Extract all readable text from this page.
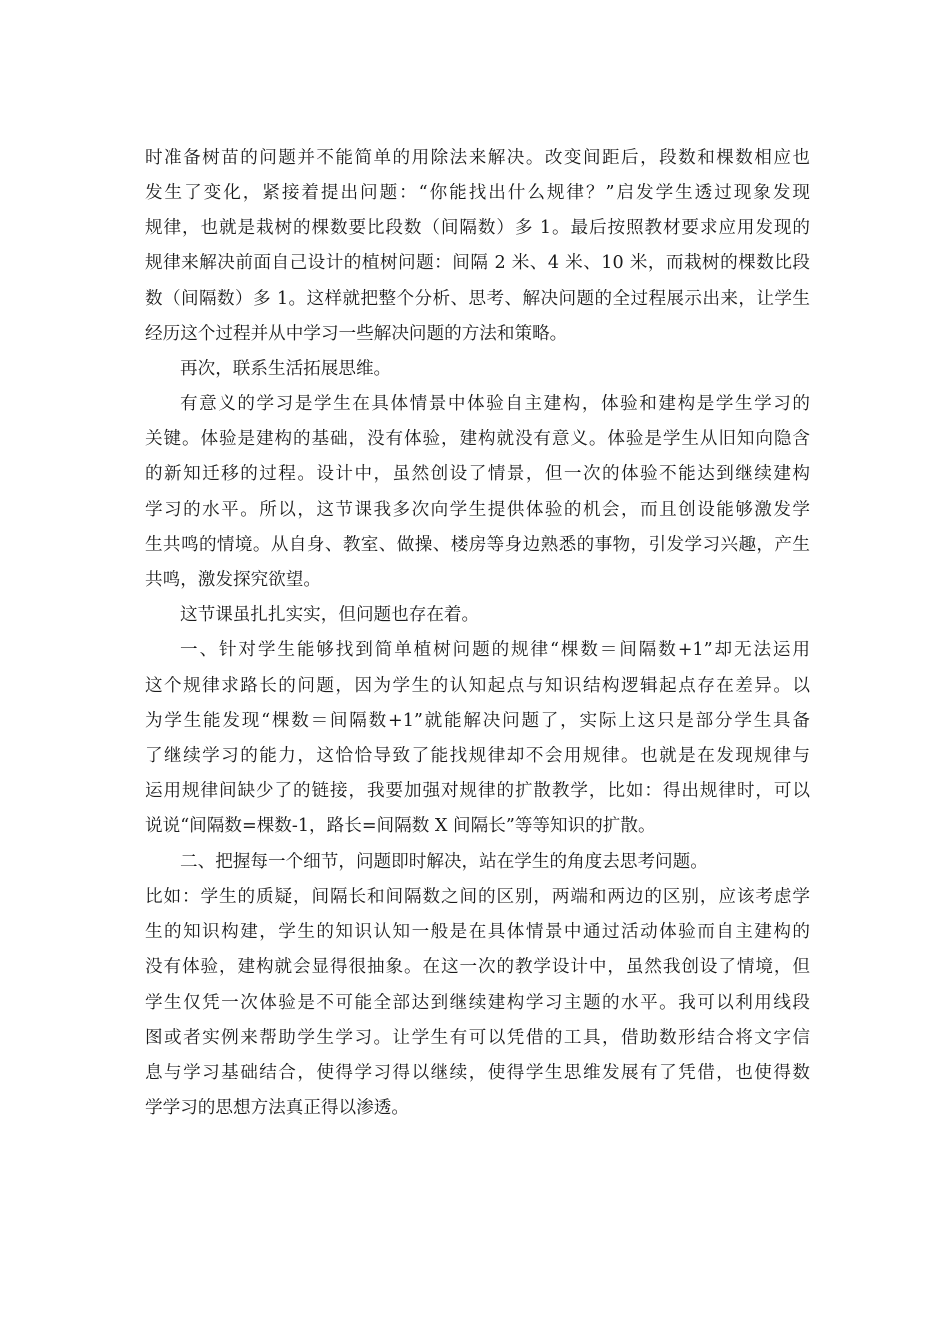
时准备树苗的问题并不能简单的用除法来解决。改变间距后，段数和棵数相应也
发生了变化，紧接着提出问题：“你能找出什么规律？”启发学生透过现象发现
规律，也就是栽树的棵数要比段数（间隔数）多 1。最后按照教材要求应用发现的
规律来解决前面自己设计的植树问题：间隔 2 米、4 米、10 米，而栽树的棵数比段
数（间隔数）多 1。这样就把整个分析、思考、解决问题的全过程展示出来，让学生
经历这个过程并从中学习一些解决问题的方法和策略。
再次，联系生活拓展思维。
有意义的学习是学生在具体情景中体验自主建构，体验和建构是学生学习的
关键。体验是建构的基础，没有体验，建构就没有意义。体验是学生从旧知向隐含
的新知迁移的过程。设计中，虽然创设了情景，但一次的体验不能达到继续建构
学习的水平。所以，这节课我多次向学生提供体验的机会，而且创设能够激发学
生共鸣的情境。从自身、教室、做操、楼房等身边熟悉的事物，引发学习兴趣，产生
共鸣，激发探究欲望。
这节课虽扎扎实实，但问题也存在着。
一、针对学生能够找到简单植树问题的规律“棵数＝间隔数+1”却无法运用
这个规律求路长的问题，因为学生的认知起点与知识结构逻辑起点存在差异。以
为学生能发现“棵数＝间隔数+1”就能解决问题了，实际上这只是部分学生具备
了继续学习的能力，这恰恰导致了能找规律却不会用规律。也就是在发现规律与
运用规律间缺少了的链接，我要加强对规律的扩散教学，比如：得出规律时，可以
说说“间隔数=棵数-1，路长=间隔数 X 间隔长”等等知识的扩散。
二、把握每一个细节，问题即时解决，站在学生的角度去思考问题。
比如：学生的质疑，间隔长和间隔数之间的区别，两端和两边的区别，应该考虑学
生的知识构建，学生的知识认知一般是在具体情景中通过活动体验而自主建构的
没有体验，建构就会显得很抽象。在这一次的教学设计中，虽然我创设了情境，但
学生仅凭一次体验是不可能全部达到继续建构学习主题的水平。我可以利用线段
图或者实例来帮助学生学习。让学生有可以凭借的工具，借助数形结合将文字信
息与学习基础结合，使得学习得以继续，使得学生思维发展有了凭借，也使得数
学学习的思想方法真正得以渗透。
